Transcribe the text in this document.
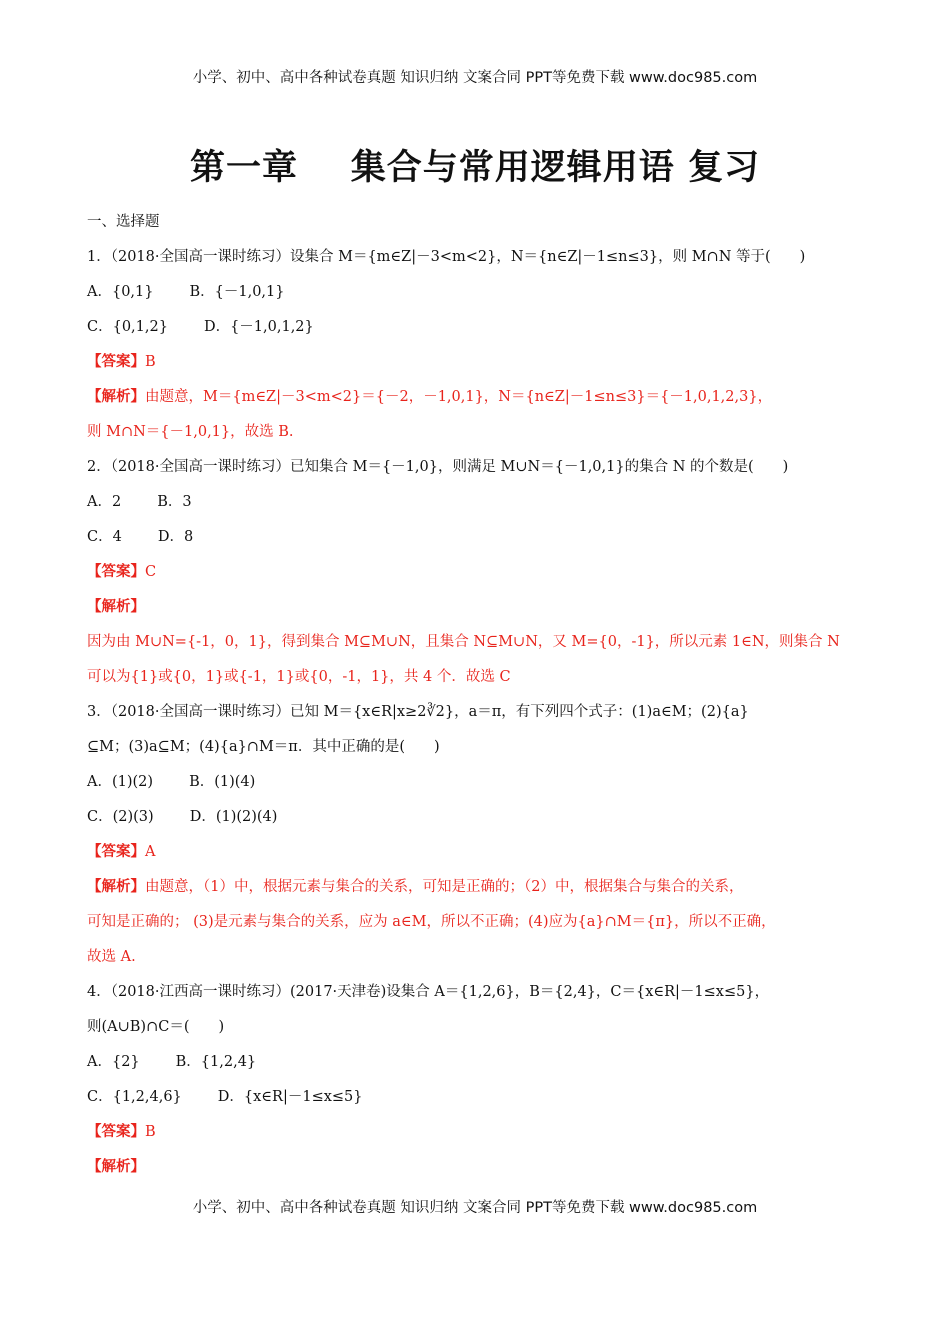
小学、初中、高中各种试卷真题 知识归纳 文案合同 PPT等免费下载 www.doc985.com
第一章    集合与常用逻辑用语 复习
一、选择题
1．（2018·全国高一课时练习）设集合 M＝{m∈Z|－3<m<2}，N＝{n∈Z|－1≤n≤3}，则 M∩N 等于(　　)
A．{0,1} B．{－1,0,1}
C．{0,1,2} D．{－1,0,1,2}
【答案】B
【解析】由题意，M＝{m∈Z|－3<m<2}＝{－2，－1,0,1}，N＝{n∈Z|－1≤n≤3}＝{－1,0,1,2,3}，
则 M∩N＝{－1,0,1}，故选 B.
2．（2018·全国高一课时练习）已知集合 M＝{－1,0}，则满足 M∪N＝{－1,0,1}的集合 N 的个数是(　　)
A．2 B．3
C．4 D．8
【答案】C
【解析】
因为由 M∪N={-1，0，1}，得到集合 M⊆M∪N，且集合 N⊆M∪N，又 M={0，-1}，所以元素 1∈N，则集合 N
可以为{1}或{0，1}或{-1，1}或{0，-1，1}，共 4 个．故选 C
3．（2018·全国高一课时练习）已知 M＝{x∈R|x≥2∛2}，a＝π，有下列四个式子：(1)a∈M；(2){a}
⊆M；(3)a⊆M；(4){a}∩M＝π．其中正确的是(　　)
A．(1)(2) B．(1)(4)
C．(2)(3) D．(1)(2)(4)
【答案】A
【解析】由题意，（1）中，根据元素与集合的关系，可知是正确的；（2）中，根据集合与集合的关系，
可知是正确的； (3)是元素与集合的关系，应为 a∈M，所以不正确；(4)应为{a}∩M＝{π}，所以不正确，
故选 A.
4．（2018·江西高一课时练习）(2017·天津卷)设集合 A＝{1,2,6}，B＝{2,4}，C＝{x∈R|－1≤x≤5}，
则(A∪B)∩C＝(　　)
A．{2} B．{1,2,4}
C．{1,2,4,6} D．{x∈R|－1≤x≤5}
【答案】B
【解析】
小学、初中、高中各种试卷真题 知识归纳 文案合同 PPT等免费下载 www.doc985.com
